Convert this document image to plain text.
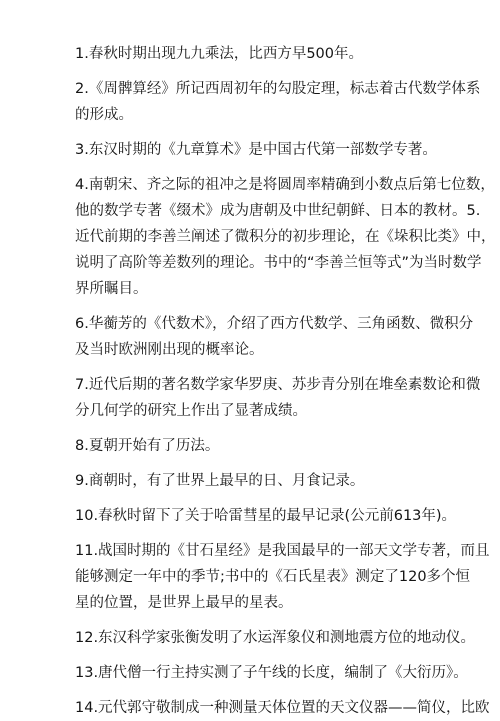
1.春秋时期出现九九乘法，比西方早500年。
2.《周髀算经》所记西周初年的勾股定理，标志着古代数学体系
的形成。
3.东汉时期的《九章算术》是中国古代第一部数学专著。
4.南朝宋、齐之际的祖冲之是将圆周率精确到小数点后第七位数，
他的数学专著《缀术》成为唐朝及中世纪朝鲜、日本的教材。5.
近代前期的李善兰阐述了微积分的初步理论，在《垛积比类》中，
说明了高阶等差数列的理论。书中的“李善兰恒等式”为当时数学
界所瞩目。
6.华蘅芳的《代数术》，介绍了西方代数学、三角函数、微积分
及当时欧洲刚出现的概率论。
7.近代后期的著名数学家华罗庚、苏步青分别在堆垒素数论和微
分几何学的研究上作出了显著成绩。
8.夏朝开始有了历法。
9.商朝时，有了世界上最早的日、月食记录。
10.春秋时留下了关于哈雷彗星的最早记录(公元前613年)。
11.战国时期的《甘石星经》是我国最早的一部天文学专著，而且
能够测定一年中的季节;书中的《石氏星表》测定了120多个恒
星的位置，是世界上最早的星表。
12.东汉科学家张衡发明了水运浑象仪和测地震方位的地动仪。
13.唐代僧一行主持实测了子午线的长度，编制了《大衍历》。
14.元代郭守敬制成一种测量天体位置的天文仪器——简仪，比欧
